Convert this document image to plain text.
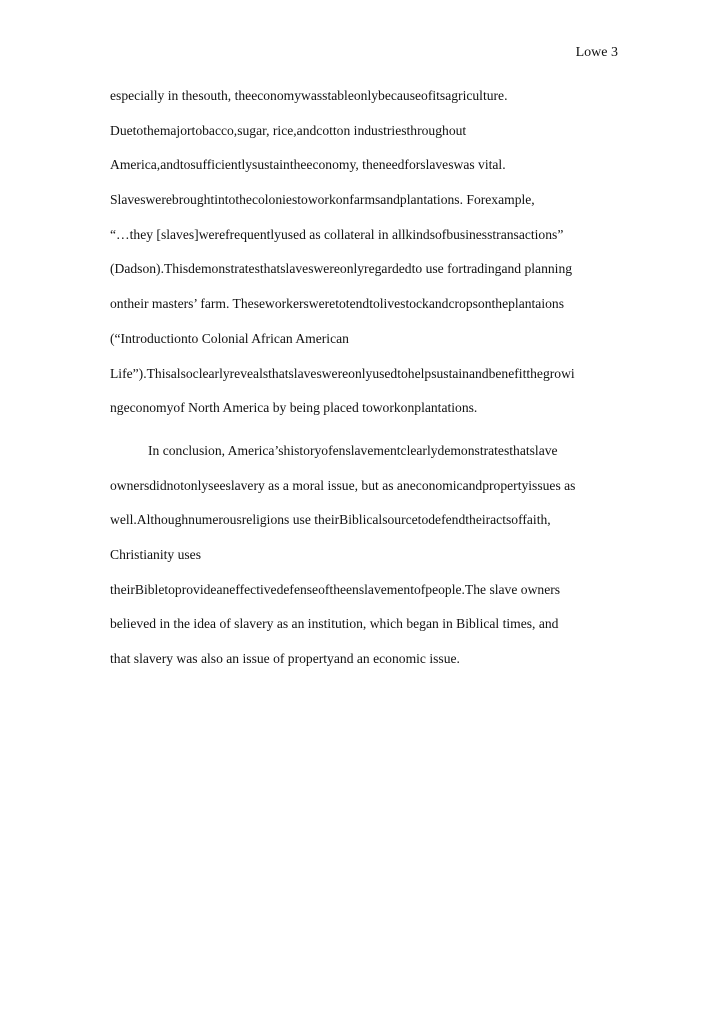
Lowe 3
especially in thesouth, theeconomywasstableonlybecauseofitsagriculture.
Duetothemajortobacco,sugar, rice,andcotton industriesthroughout
America,andtosufficientlysustaintheeconomy, theneedforslaveswas vital.
Slaveswerebroughtintothecoloniestoworkonfarmsandplantations. Forexample,
“…they [slaves]werefrequentlyused as collateral in allkindsofbusinesstransactions”
(Dadson).Thisdemonstratesthatslaveswereonlyregardedto use fortradingand planning
ontheir masters’ farm. Theseworkersweretotendtolivestockandcropsontheplantaions
(“Introductionto Colonial African American
Life”).Thisalsoclearlyrevealsthatslaveswereonlyusedtohelpsustainandbenefitthegrowi
ngeconomyof North America by being placed toworkonplantations.
In conclusion, America’shistoryofenslavementclearlydemonstratesthatslave
ownersdidnotonlyseeslavery as a moral issue, but as aneconomicandpropertyissues as
well.Althoughnumerousreligions use theirBiblicalsourcetodefendtheiractsoffaith,
Christianity uses
theirBibletoprovideaneffectivedefenseoftheenslavementofpeople.The slave owners
believed in the idea of slavery as an institution, which began in Biblical times, and
that slavery was also an issue of propertyand an economic issue.
